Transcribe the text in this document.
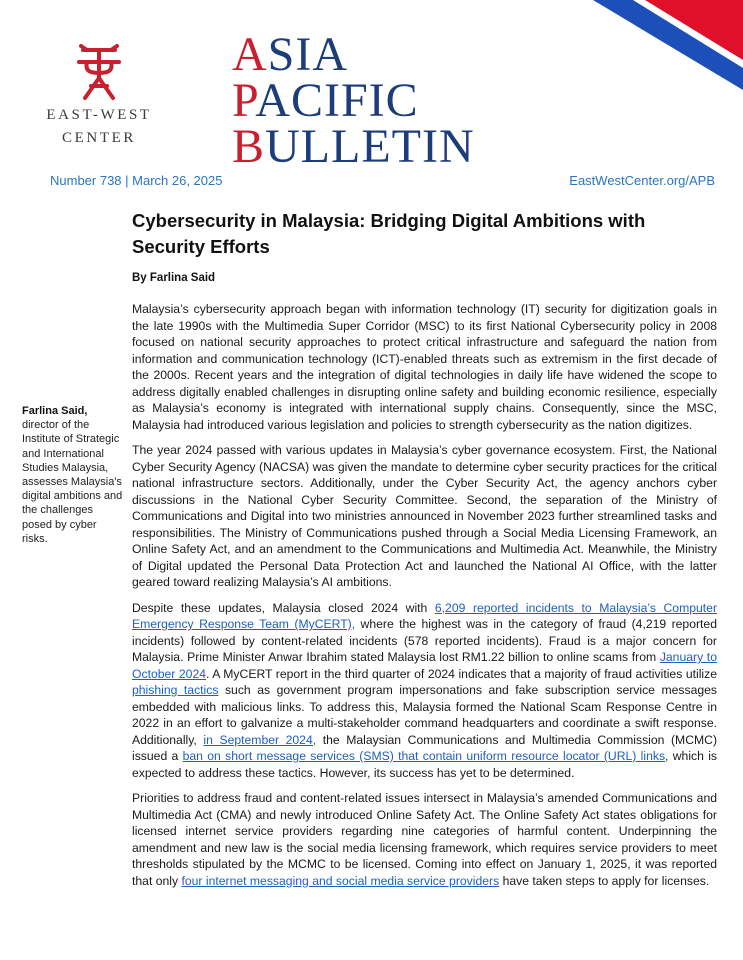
EAST-WEST
CENTER
ASIA
PACIFIC
BULLETIN
Number 738 | March 26, 2025	EastWestCenter.org/APB
Cybersecurity in Malaysia: Bridging Digital Ambitions with Security Efforts
By Farlina Said
Farlina Said, director of the Institute of Strategic and International Studies Malaysia, assesses Malaysia's digital ambitions and the challenges posed by cyber risks.

Malaysia’s cybersecurity approach began with information technology (IT) security for digitization goals in the late 1990s with the Multimedia Super Corridor (MSC) to its first National Cybersecurity policy in 2008 focused on national security approaches to protect critical infrastructure and safeguard the nation from information and communication technology (ICT)-enabled threats such as extremism in the first decade of the 2000s. Recent years and the integration of digital technologies in daily life have widened the scope to address digitally enabled challenges in disrupting online safety and building economic resilience, especially as Malaysia’s economy is integrated with international supply chains. Consequently, since the MSC, Malaysia had introduced various legislation and policies to strength cybersecurity as the nation digitizes.

The year 2024 passed with various updates in Malaysia’s cyber governance ecosystem. First, the National Cyber Security Agency (NACSA) was given the mandate to determine cyber security practices for the critical national infrastructure sectors. Additionally, under the Cyber Security Act, the agency anchors cyber discussions in the National Cyber Security Committee. Second, the separation of the Ministry of Communications and Digital into two ministries announced in November 2023 further streamlined tasks and responsibilities. The Ministry of Communications pushed through a Social Media Licensing Framework, an Online Safety Act, and an amendment to the Communications and Multimedia Act. Meanwhile, the Ministry of Digital updated the Personal Data Protection Act and launched the National AI Office, with the latter geared toward realizing Malaysia’s AI ambitions.

Despite these updates, Malaysia closed 2024 with 6,209 reported incidents to Malaysia’s Computer Emergency Response Team (MyCERT), where the highest was in the category of fraud (4,219 reported incidents) followed by content-related incidents (578 reported incidents). Fraud is a major concern for Malaysia. Prime Minister Anwar Ibrahim stated Malaysia lost RM1.22 billion to online scams from January to October 2024. A MyCERT report in the third quarter of 2024 indicates that a majority of fraud activities utilize phishing tactics such as government program impersonations and fake subscription service messages embedded with malicious links. To address this, Malaysia formed the National Scam Response Centre in 2022 in an effort to galvanize a multi-stakeholder command headquarters and coordinate a swift response. Additionally, in September 2024, the Malaysian Communications and Multimedia Commission (MCMC) issued a ban on short message services (SMS) that contain uniform resource locator (URL) links, which is expected to address these tactics. However, its success has yet to be determined.

Priorities to address fraud and content-related issues intersect in Malaysia’s amended Communications and Multimedia Act (CMA) and newly introduced Online Safety Act. The Online Safety Act states obligations for licensed internet service providers regarding nine categories of harmful content. Underpinning the amendment and new law is the social media licensing framework, which requires service providers to meet thresholds stipulated by the MCMC to be licensed. Coming into effect on January 1, 2025, it was reported that only four internet messaging and social media service providers have taken steps to apply for licenses.
